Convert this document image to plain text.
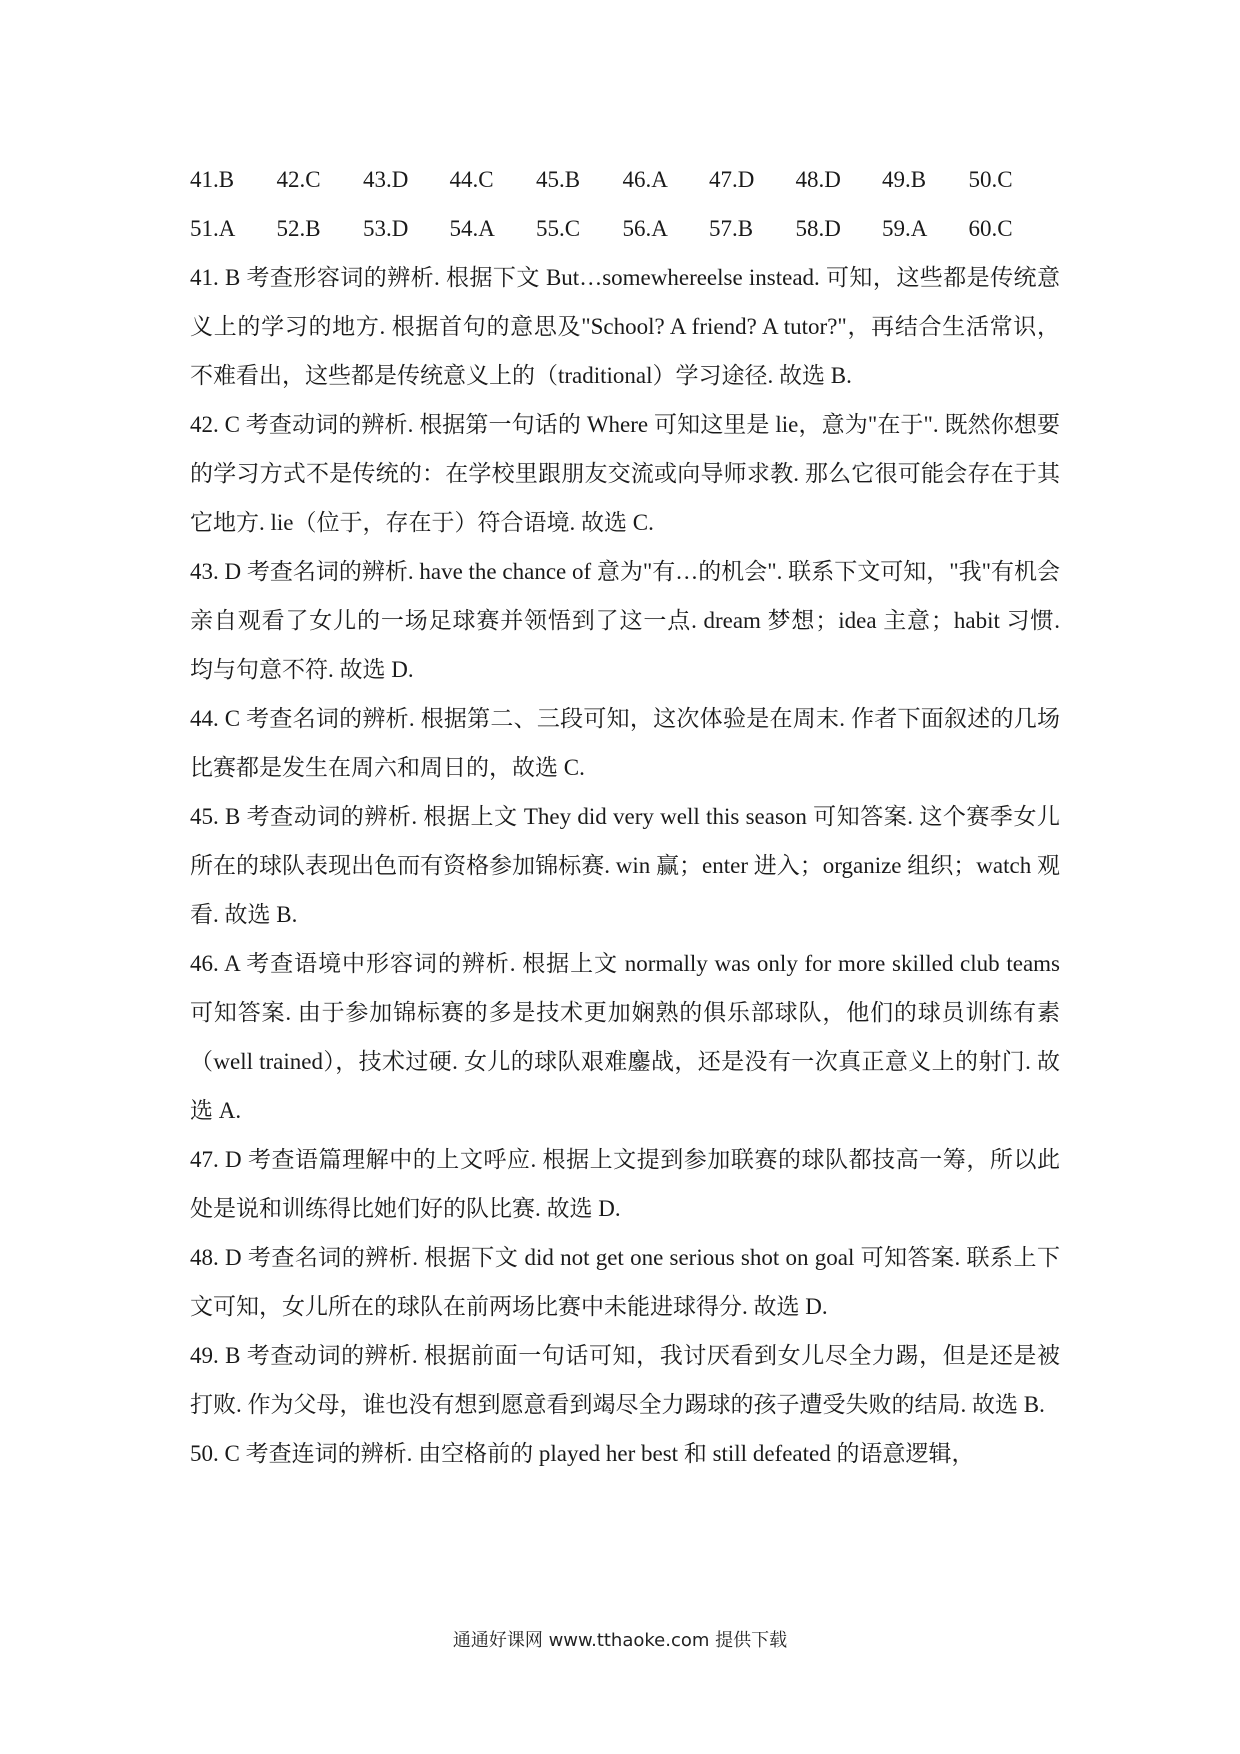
41.B	42.C	43.D	44.C	45.B	46.A	47.D	48.D	49.B	50.C
51.A	52.B	53.D	54.A	55.C	56.A	57.B	58.D	59.A	60.C

41. B 考查形容词的辨析. 根据下文 But…somewhereelse instead. 可知，这些都是传统意义上的学习的地方. 根据首句的意思及"School? A friend? A tutor?"，再结合生活常识，不难看出，这些都是传统意义上的（traditional）学习途径. 故选 B.

42. C 考查动词的辨析. 根据第一句话的 Where 可知这里是 lie，意为"在于". 既然你想要的学习方式不是传统的：在学校里跟朋友交流或向导师求教. 那么它很可能会存在于其它地方. lie（位于，存在于）符合语境. 故选 C.

43. D 考查名词的辨析. have the chance of 意为"有…的机会". 联系下文可知，"我"有机会亲自观看了女儿的一场足球赛并领悟到了这一点. dream 梦想；idea 主意；habit 习惯. 均与句意不符. 故选 D.

44. C 考查名词的辨析. 根据第二、三段可知，这次体验是在周末. 作者下面叙述的几场比赛都是发生在周六和周日的，故选 C.

45. B 考查动词的辨析. 根据上文 They did very well this season 可知答案. 这个赛季女儿所在的球队表现出色而有资格参加锦标赛. win 赢；enter 进入；organize 组织；watch 观看. 故选 B.

46. A 考查语境中形容词的辨析. 根据上文 normally was only for more skilled club teams 可知答案. 由于参加锦标赛的多是技术更加娴熟的俱乐部球队，他们的球员训练有素（well trained），技术过硬. 女儿的球队艰难鏖战，还是没有一次真正意义上的射门. 故选 A.

47. D 考查语篇理解中的上文呼应. 根据上文提到参加联赛的球队都技高一筹，所以此处是说和训练得比她们好的队比赛. 故选 D.

48. D 考查名词的辨析. 根据下文 did not get one serious shot on goal 可知答案. 联系上下文可知，女儿所在的球队在前两场比赛中未能进球得分. 故选 D.

49. B 考查动词的辨析. 根据前面一句话可知，我讨厌看到女儿尽全力踢，但是还是被打败. 作为父母，谁也没有想到愿意看到竭尽全力踢球的孩子遭受失败的结局. 故选 B.

50. C 考查连词的辨析. 由空格前的 played her best 和 still defeated 的语意逻辑，

通通好课网 www.tthaoke.com 提供下载
